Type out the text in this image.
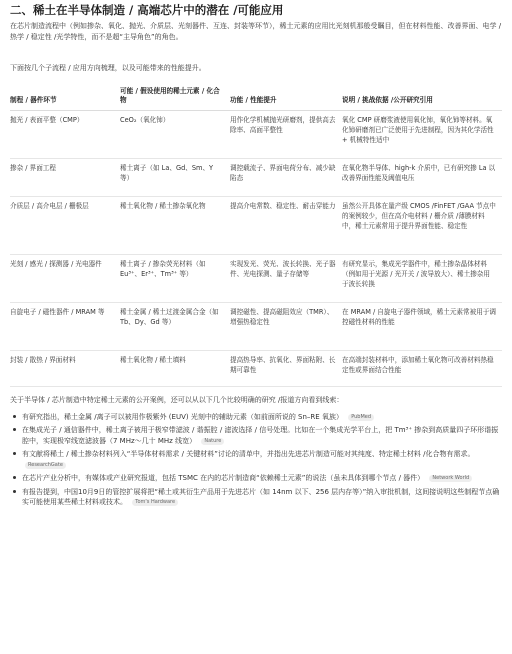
二、稀土在半导体制造 / 高端芯片中的潜在 /可能应用

在芯片制造流程中（例如掺杂、氧化、抛光、介质层、光刻器件、互连、封装等环节），稀土元素的应用比光刻机那般受瞩目，但在材料性能、改善界面、电学 / 热学 / 稳定性 /光学特性，而不是超“主导角色”的角色。

下面按几个子流程 / 应用方向梳理，以及可能带来的性能提升。

制程 / 器件环节	可能 / 假设使用的稀土元素 / 化合物	功能 / 性能提升	说明 / 挑战依据 /公开研究引用
抛光 / 表面平整（CMP）	CeO₂（氧化铈）	用作化学机械抛光研磨剂，提供高去除率、高面平整性	氧化 CMP 研磨浆液使用氧化铈，氧化铈等材料。氧化铈研磨剂已广泛使用于先进制程，因为其化学活性 + 机械特性适中
掺杂 / 界面工程	稀土离子（如 La、Gd、Sm、Y 等）	调控载流子、界面电荷分布、减少缺陷态	在氧化物半导体、high-k 介质中，已有研究掺 La 以改善界面性能及阈值电压
介质层 / 高介电层 / 栅极层	稀土氧化物 / 稀土掺杂氧化物	提高介电常数、稳定性、耐击穿能力	虽然公开具体在量产级 CMOS /FinFET /GAA 节点中的案例较少，但在高介电材料 / 栅介质 /薄膜材料中，稀土元素常用于提升界面性能、稳定性
光刻 / 感光 / 探测器 / 光电器件	稀土离子 / 掺杂荧光材料（如 Eu³⁺、Er³⁺、Tm³⁺ 等）	实现发光、荧光、波长转换、光子器件、光电探测、量子存储等	有研究显示，集成光学器件中，稀土掺杂晶体材料（例如用于光源 / 光开关 / 波导放大）、稀土掺杂用于波长转换
自旋电子 / 磁性器件 / MRAM 等	稀土金属 / 稀土过渡金属合金（如 Tb、Dy、Gd 等）	调控磁性、提高磁阻效应（TMR）、增强热稳定性	在 MRAM / 自旋电子器件领域，稀土元素常被用于调控磁性材料的性能
封装 / 散热 / 界面材料	稀土氧化物 / 稀土填料	提高热导率、抗氧化、界面粘附、长期可靠性	在高端封装材料中，添加稀土氧化物可改善材料热稳定性或界面结合性能

关于半导体 / 芯片制造中特定稀土元素的公开案例，还可以从以下几个比较明确的研究 /报道方向看到线索：

有研究指出，稀土金属 /离子可以被用作极紫外 (EUV) 光刻中的辅助元素（如前面所说的 Sn–RE 氧族） PubMed
在集成光子 / 通信器件中，稀土离子被用于极窄带滤波 / 谐振腔 / 滤波选择 / 信号处理。比如在一个集成光学平台上，把 Tm³⁺ 掺杂到高质量四子环形谐振腔中，实现极窄线宽滤波器（7 MHz～几十 MHz 线宽） Nature
有文献将稀土 / 稀土掺杂材料列入“半导体材料需求 / 关键材料”讨论的清单中，并指出先进芯片制造可能对其纯度、特定稀土材料 /化合物有需求。 ResearchGate
在芯片产业分析中，有媒体或产业研究报道，包括 TSMC 在内的芯片制造商“依赖稀土元素”的说法（虽未具体到哪个节点 / 器件） Network World
有报告提到，中国10月9日的管控扩展将把“稀土或其衍生产品用于先进芯片（如 14nm 以下、256 层内存等）”纳入审批机制，这间接说明这些制程节点确实可能使用某些稀土材料或技术。 Tom's Hardware
